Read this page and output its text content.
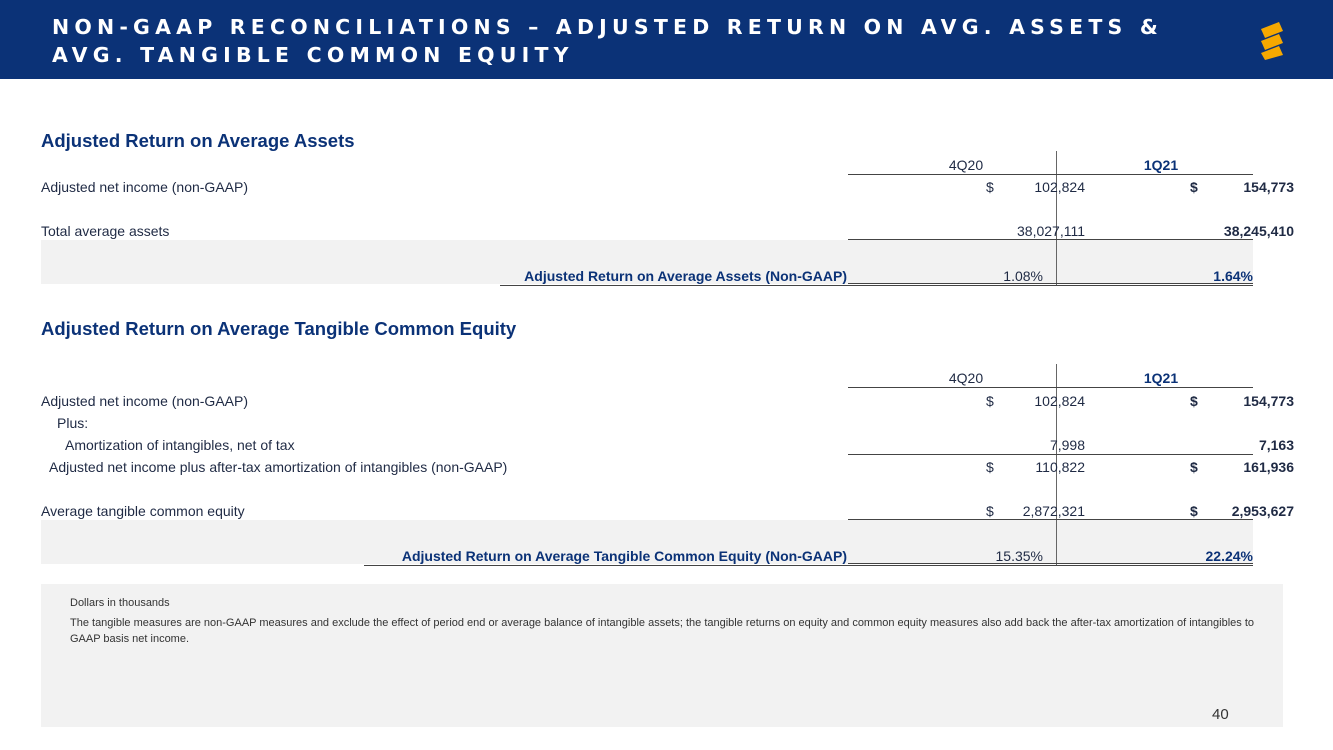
NON-GAAP RECONCILIATIONS – ADJUSTED RETURN ON AVG. ASSETS & AVG. TANGIBLE COMMON EQUITY
Adjusted Return on Average Assets
4Q20	1Q21
Adjusted net income (non-GAAP)	$	102,824	$	154,773
Total average assets	38,027,111	38,245,410
Adjusted Return on Average Assets (Non-GAAP)	1.08%	1.64%
Adjusted Return on Average Tangible Common Equity
4Q20	1Q21
Adjusted net income (non-GAAP)	$	102,824	$	154,773
Plus:
Amortization of intangibles, net of tax	7,998	7,163
Adjusted net income plus after-tax amortization of intangibles (non-GAAP)	$	110,822	$	161,936
Average tangible common equity	$ 2,872,321	$ 2,953,627
Adjusted Return on Average Tangible Common Equity (Non-GAAP)	15.35%	22.24%
Dollars in thousands
The tangible measures are non-GAAP measures and exclude the effect of period end or average balance of intangible assets; the tangible returns on equity and common equity measures also add back the after-tax amortization of intangibles to GAAP basis net income.
40
